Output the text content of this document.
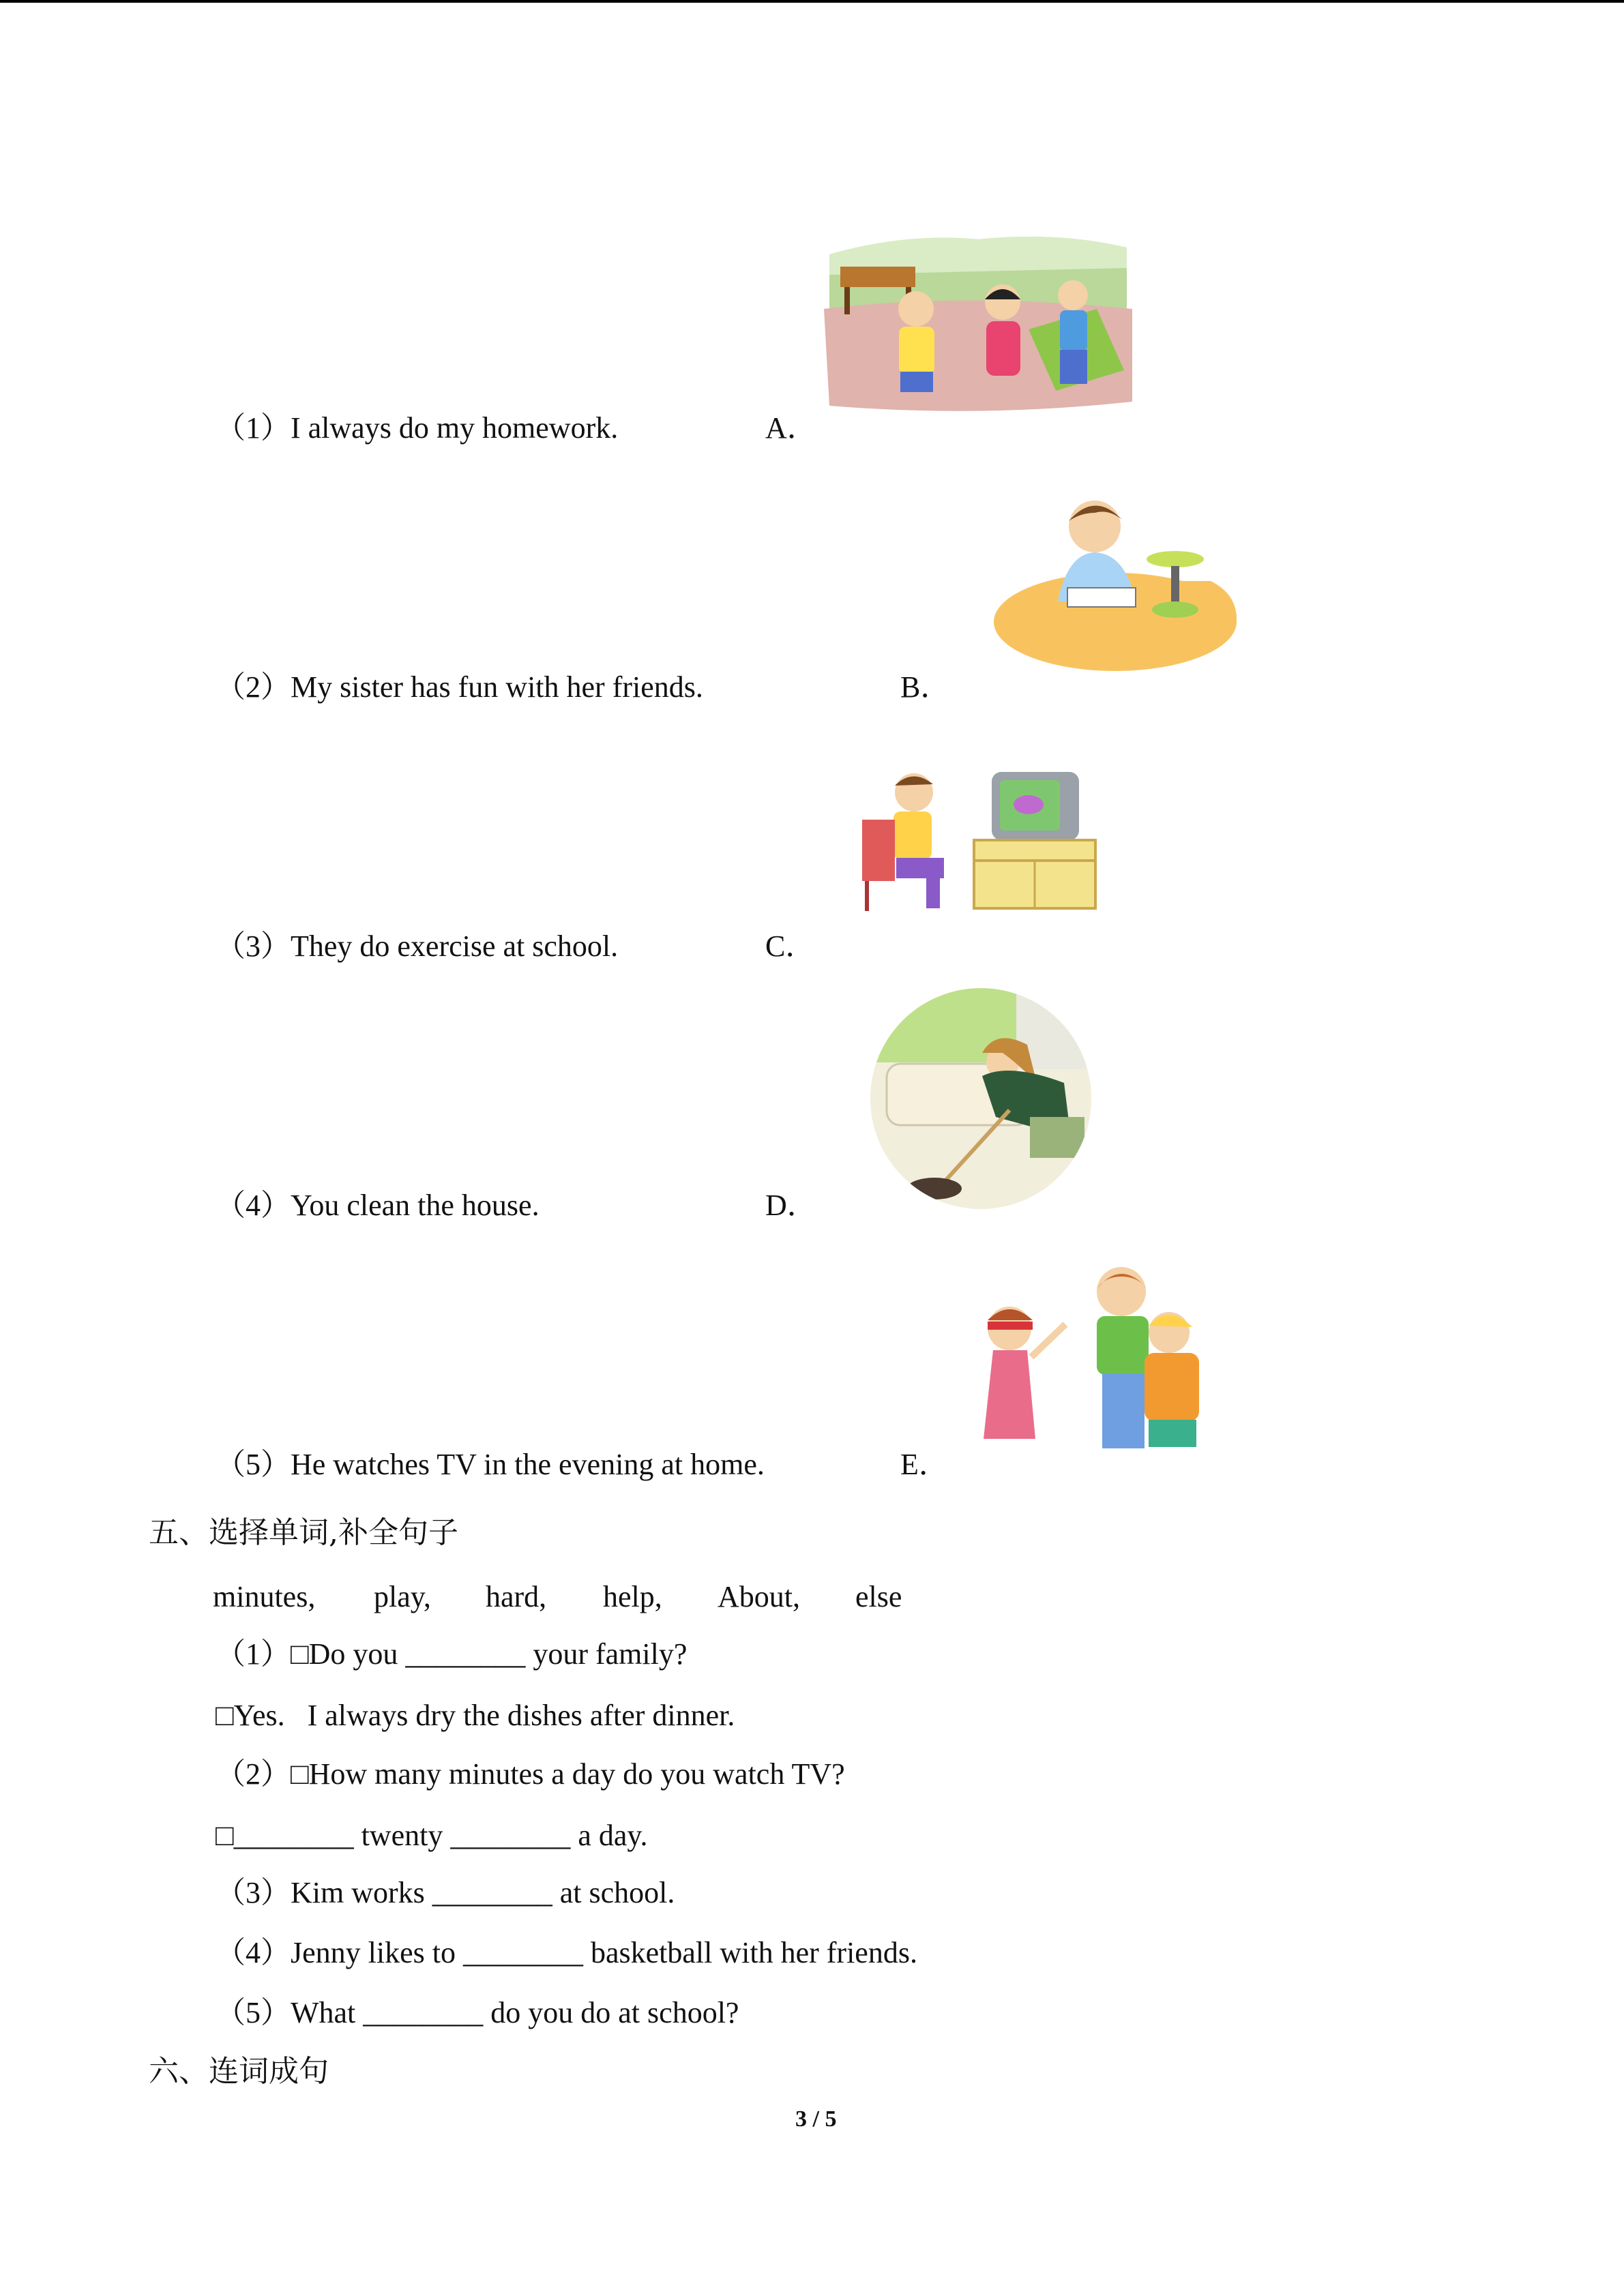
（1）I always do my homework.	A．
（2）My sister has fun with her friends.	B．
（3）They do exercise at school.	C．
（4）You clean the house.	D．
（5）He watches TV in the evening at home.	E．
五、选择单词,补全句子
minutes, play, hard, help, About, else
（1）□Do you ________ your family?
□Yes.   I always dry the dishes after dinner.
（2）□How many minutes a day do you watch TV?
□________ twenty ________ a day.
（3）Kim works ________ at school.
（4）Jenny likes to ________ basketball with her friends.
（5）What ________ do you do at school?
六、连词成句
3 / 5
